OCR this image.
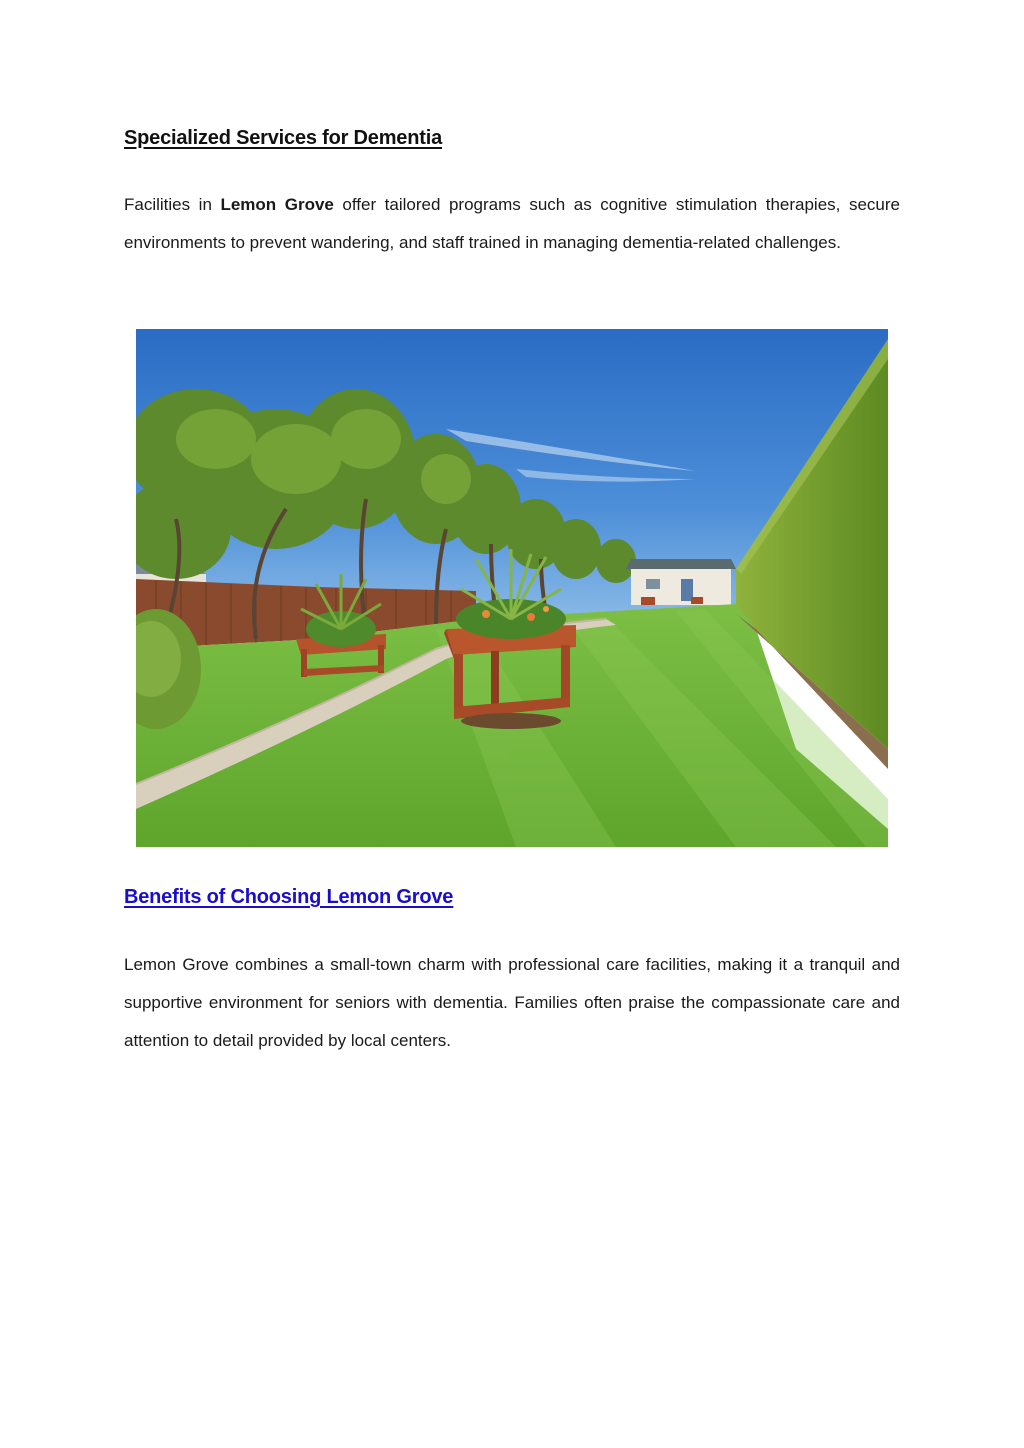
Specialized Services for Dementia

Facilities in Lemon Grove offer tailored programs such as cognitive stimulation therapies, secure environments to prevent wandering, and staff trained in managing dementia-related challenges.

Benefits of Choosing Lemon Grove

Lemon Grove combines a small-town charm with professional care facilities, making it a tranquil and supportive environment for seniors with dementia. Families often praise the compassionate care and attention to detail provided by local centers.
